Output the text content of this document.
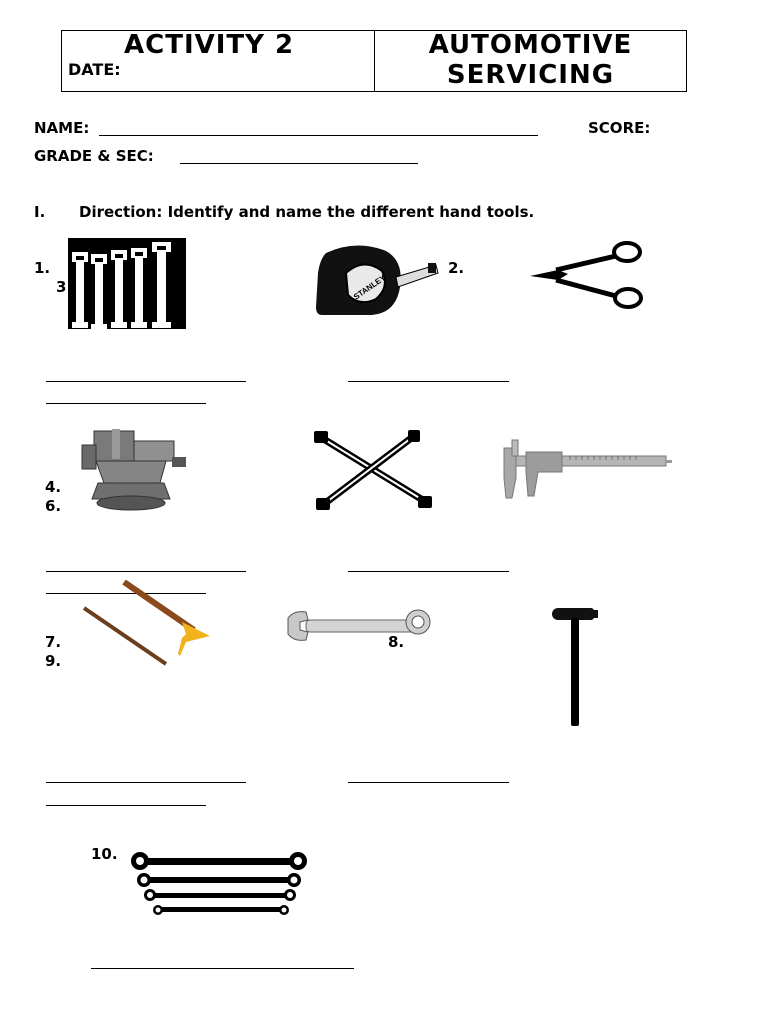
ACTIVITY 2
DATE:
AUTOMOTIVE
SERVICING
NAME:	SCORE:
GRADE & SEC:
I. Direction: Identify and name the different hand tools.
1.
3
2.
4.
6.
7.
9.
8.
10.
STANLEY
